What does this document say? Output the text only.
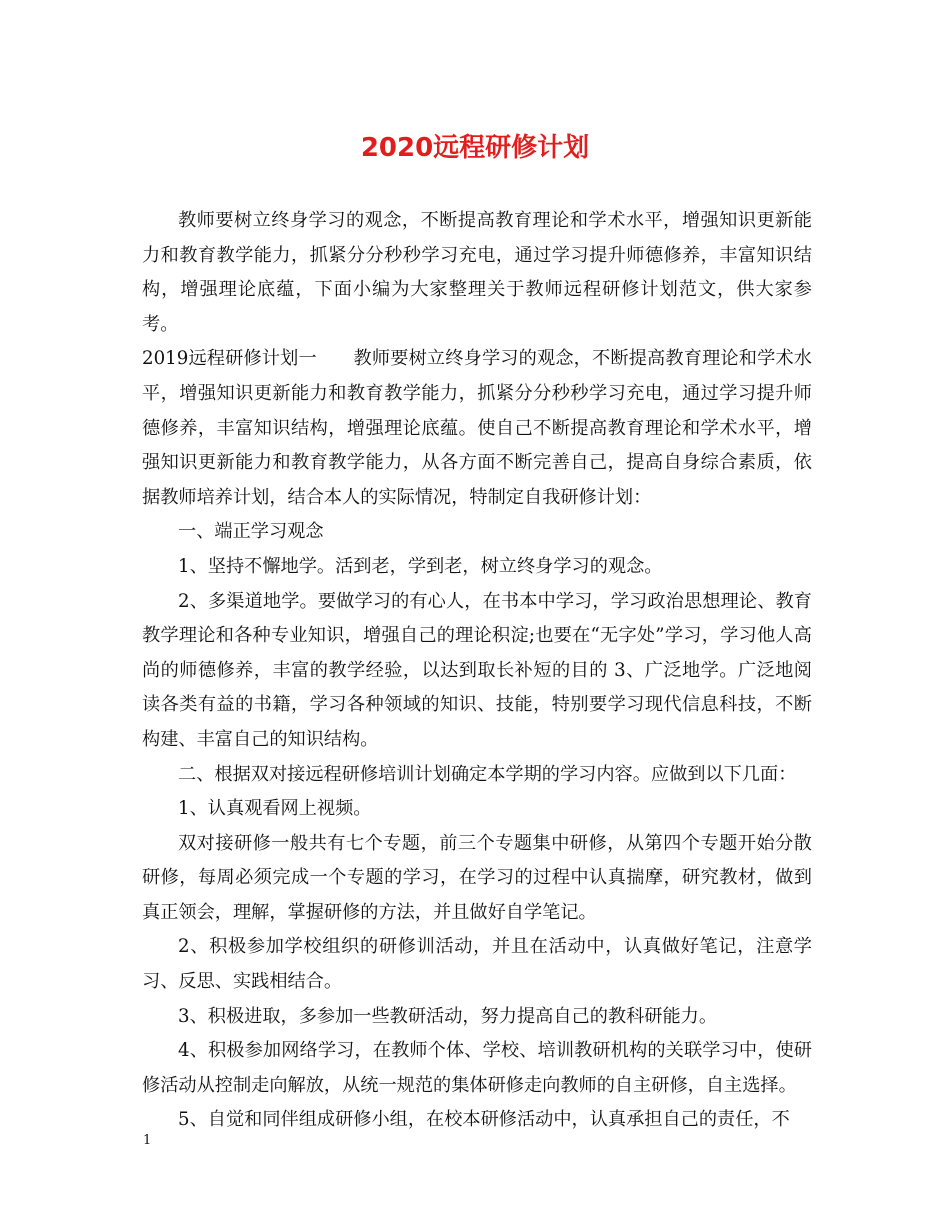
2020远程研修计划

教师要树立终身学习的观念，不断提高教育理论和学术水平，增强知识更新能力和教育教学能力，抓紧分分秒秒学习充电，通过学习提升师德修养，丰富知识结构，增强理论底蕴，下面小编为大家整理关于教师远程研修计划范文，供大家参考。

2019远程研修计划一　　教师要树立终身学习的观念，不断提高教育理论和学术水平，增强知识更新能力和教育教学能力，抓紧分分秒秒学习充电，通过学习提升师德修养，丰富知识结构，增强理论底蕴。使自己不断提高教育理论和学术水平，增强知识更新能力和教育教学能力，从各方面不断完善自己，提高自身综合素质，依据教师培养计划，结合本人的实际情况，特制定自我研修计划：

一、端正学习观念

1、坚持不懈地学。活到老，学到老，树立终身学习的观念。

2、多渠道地学。要做学习的有心人，在书本中学习，学习政治思想理论、教育教学理论和各种专业知识，增强自己的理论积淀;也要在“无字处”学习，学习他人高尚的师德修养，丰富的教学经验，以达到取长补短的目的 3、广泛地学。广泛地阅读各类有益的书籍，学习各种领域的知识、技能，特别要学习现代信息科技，不断构建、丰富自己的知识结构。

二、根据双对接远程研修培训计划确定本学期的学习内容。应做到以下几面：

1、认真观看网上视频。

双对接研修一般共有七个专题，前三个专题集中研修，从第四个专题开始分散研修，每周必须完成一个专题的学习，在学习的过程中认真揣摩，研究教材，做到真正领会，理解，掌握研修的方法，并且做好自学笔记。

2、积极参加学校组织的研修训活动，并且在活动中，认真做好笔记，注意学习、反思、实践相结合。

3、积极进取，多参加一些教研活动，努力提高自己的教科研能力。

4、积极参加网络学习，在教师个体、学校、培训教研机构的关联学习中，使研修活动从控制走向解放，从统一规范的集体研修走向教师的自主研修，自主选择。

5、自觉和同伴组成研修小组，在校本研修活动中，认真承担自己的责任，不

1
